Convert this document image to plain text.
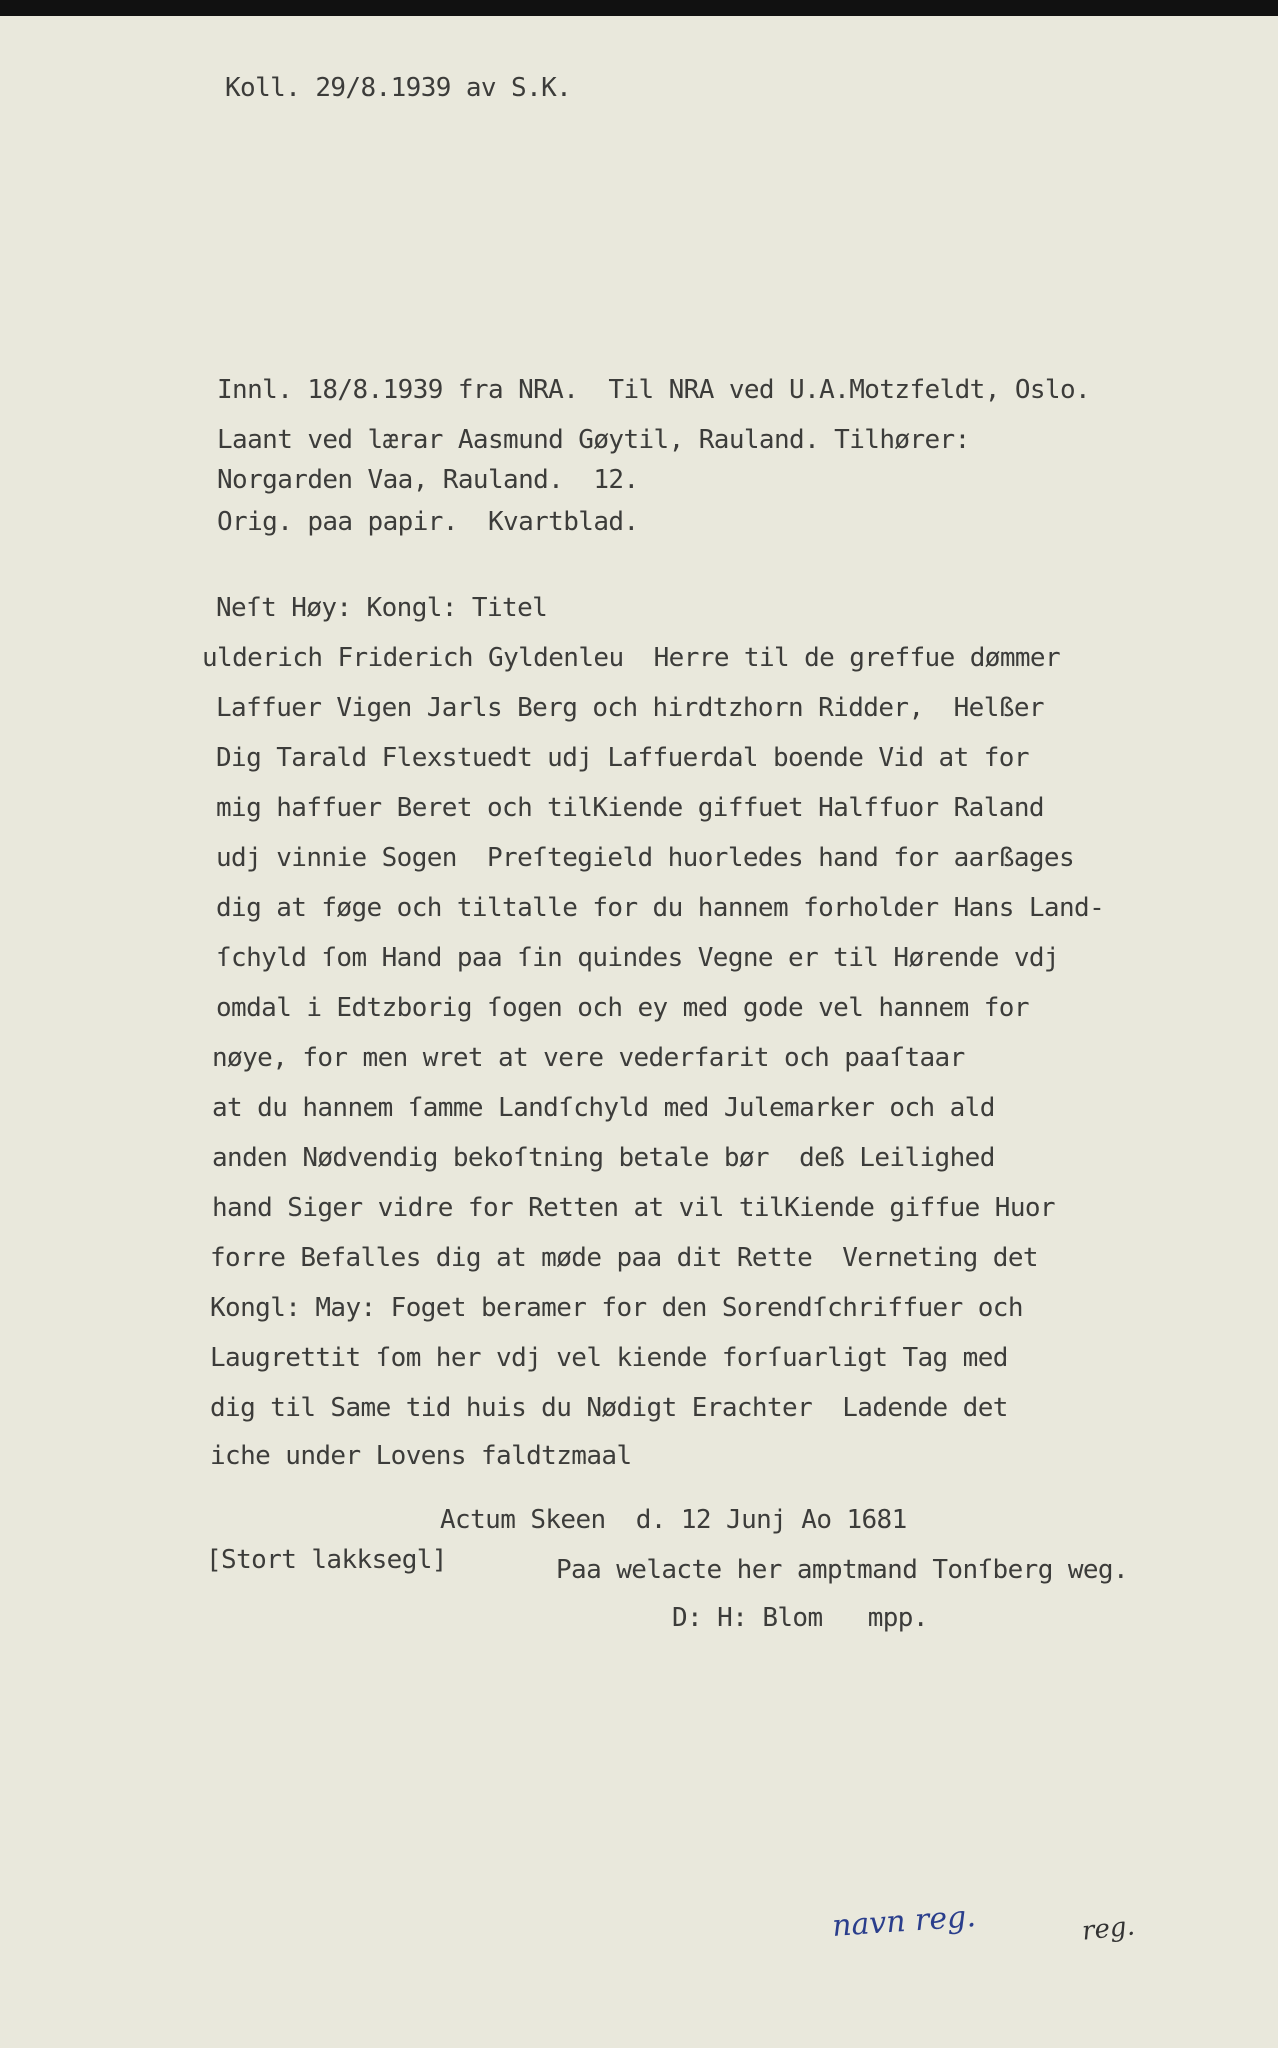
Koll. 29/8.1939 av S.K.
Innl. 18/8.1939 fra NRA.  Til NRA ved U.A.Motzfeldt, Oslo.
Laant ved lærar Aasmund Gøytil, Rauland. Tilhører:
Norgarden Vaa, Rauland.  12.
Orig. paa papir.  Kvartblad.
Neſt Høy: Kongl: Titel
ulderich Friderich Gyldenleu  Herre til de greffue dømmer
Laffuer Vigen Jarls Berg och hirdtzhorn Ridder,  Helßer
Dig Tarald Flexstuedt udj Laffuerdal boende Vid at for
mig haffuer Beret och tilKiende giffuet Halffuor Raland
udj vinnie Sogen  Preſtegield huorledes hand for aarßages
dig at føge och tiltalle for du hannem forholder Hans Land-
ſchyld ſom Hand paa ſin quindes Vegne er til Hørende vdj
omdal i Edtzborig ſogen och ey med gode vel hannem for
nøye, for men wret at vere vederfarit och paaſtaar
at du hannem ſamme Landſchyld med Julemarker och ald
anden Nødvendig bekoſtning betale bør  deß Leilighed
hand Siger vidre for Retten at vil tilKiende giffue Huor
forre Befalles dig at møde paa dit Rette  Verneting det
Kongl: May: Foget beramer for den Sorendſchriffuer och
Laugrettit ſom her vdj vel kiende forſuarligt Tag med
dig til Same tid huis du Nødigt Erachter  Ladende det
iche under Lovens faldtzmaal
Actum Skeen  d. 12 Junj Ao 1681
[Stort lakksegl]	Paa welacte her amptmand Tonſberg weg.
D: H: Blom   mpp.
navn reg.	reg.
